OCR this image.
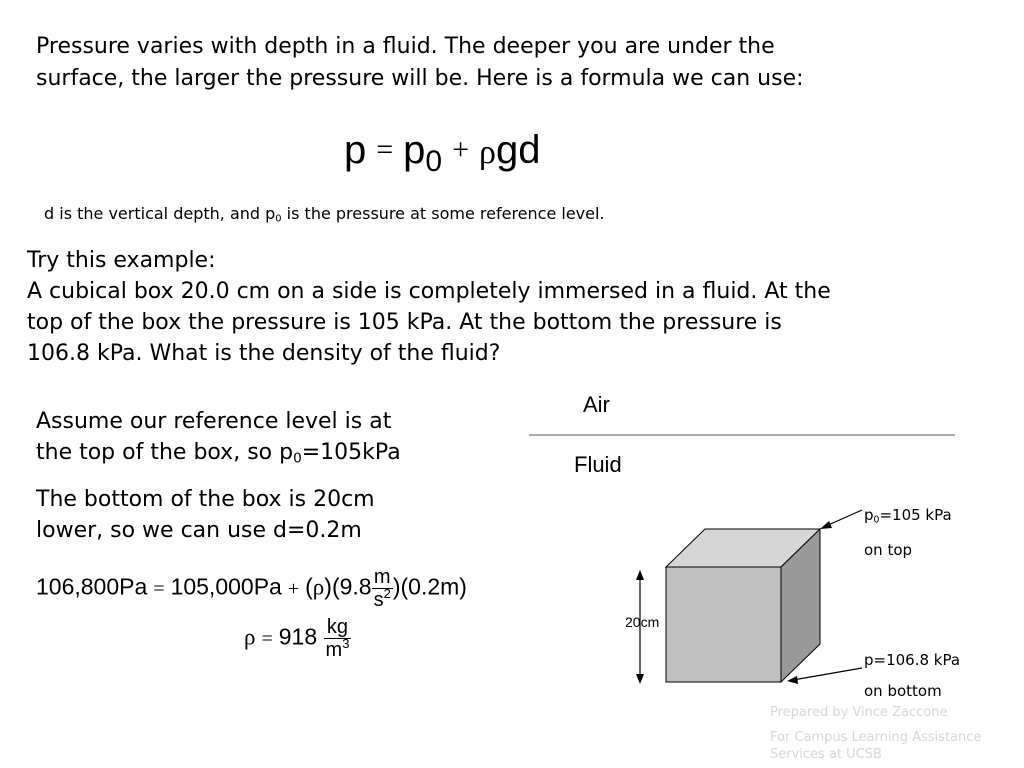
Pressure varies with depth in a fluid. The deeper you are under the
surface, the larger the pressure will be. Here is a formula we can use:
$p = p_0 + \rho gd$
d is the vertical depth, and $p_0$ is the pressure at some reference level.
Try this example:
A cubical box 20.0 cm on a side is completely immersed in a fluid. At the
top of the box the pressure is 105 kPa. At the bottom the pressure is
106.8 kPa. What is the density of the fluid?
Assume our reference level is at
the top of the box, so $p_0=105kPa$
The bottom of the box is 20cm
lower, so we can use d=0.2m
$106,800Pa = 105,000Pa + (\rho)(9.8 \frac{m}{s^2} )(0.2m)$
$\rho = 918 \frac{kg}{m^3}$
Air
Fluid
20cm
$p_0=105$ kPa
on top
p=106.8 kPa
on bottom
Prepared by Vince Zaccone
For Campus Learning Assistance
Services at UCSB
